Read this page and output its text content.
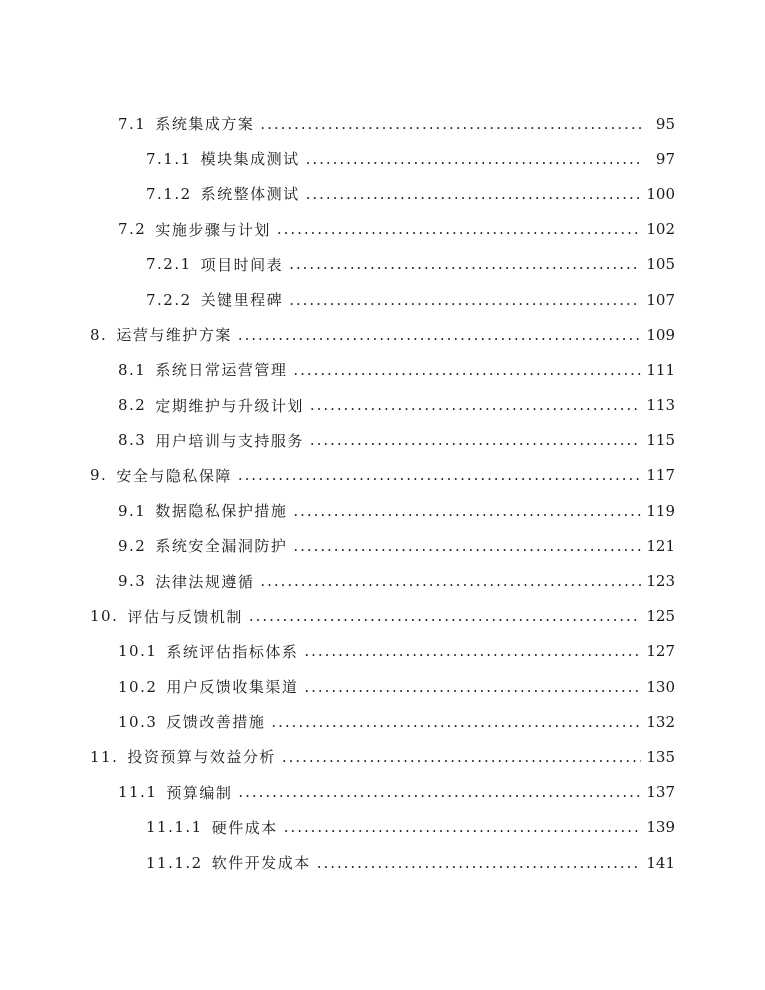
7.1 系统集成方案 . . .	95
7.1.1 模块集成测试 . . .	97
7.1.2 系统整体测试 . . .	100
7.2 实施步骤与计划 . . .	102
7.2.1 项目时间表 . . .	105
7.2.2 关键里程碑 . . .	107
8. 运营与维护方案 . . .	109
8.1 系统日常运营管理 . . .	111
8.2 定期维护与升级计划 . . .	113
8.3 用户培训与支持服务 . . .	115
9. 安全与隐私保障 . . .	117
9.1 数据隐私保护措施 . . .	119
9.2 系统安全漏洞防护 . . .	121
9.3 法律法规遵循 . . .	123
10. 评估与反馈机制 . . .	125
10.1 系统评估指标体系 . . .	127
10.2 用户反馈收集渠道 . . .	130
10.3 反馈改善措施 . . .	132
11. 投资预算与效益分析 . . .	135
11.1 预算编制 . . .	137
11.1.1 硬件成本 . . .	139
11.1.2 软件开发成本 . . .	141
